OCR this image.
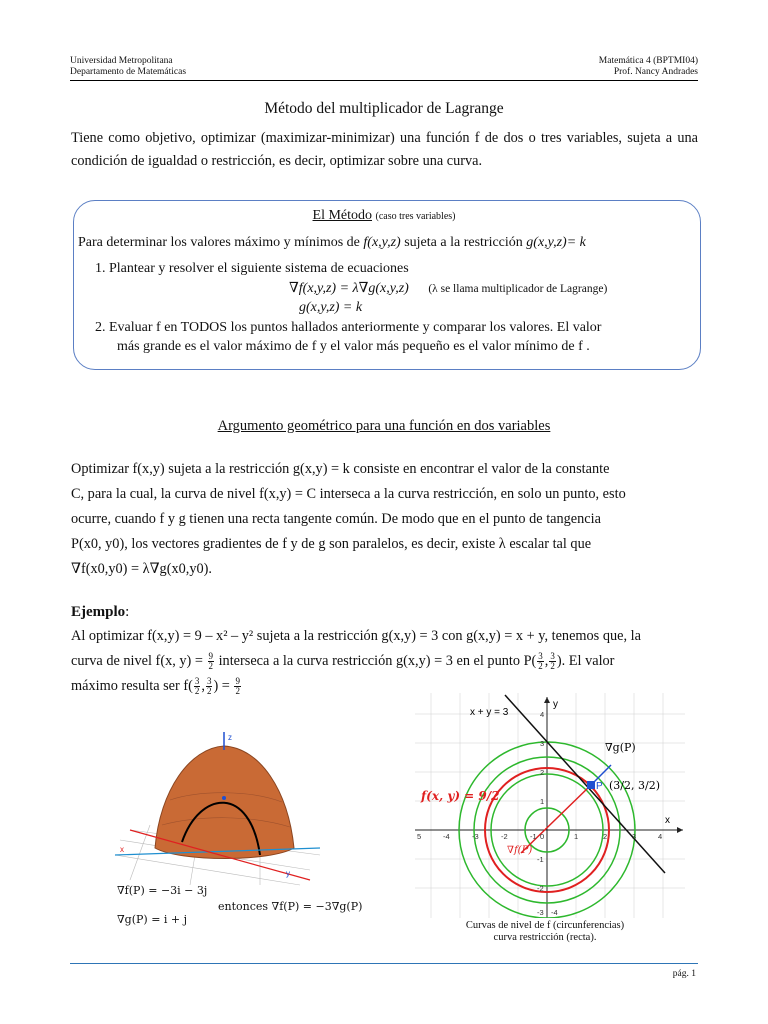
Universidad Metropolitana
Departamento de Matemáticas
Matemática 4 (BPTMI04)
Prof. Nancy Andrades
Método del multiplicador de Lagrange
Tiene como objetivo, optimizar (maximizar-minimizar) una función f de dos o tres variables, sujeta a una condición de igualdad o restricción, es decir, optimizar sobre una curva.
El Método (caso tres variables)
Para determinar los valores máximo y mínimos de f(x,y,z) sujeta a la restricción g(x,y,z)= k
1. Plantear y resolver el siguiente sistema de ecuaciones
∇f(x,y,z) = λ∇g(x,y,z) (λ se llama multiplicador de Lagrange)
g(x,y,z) = k
2. Evaluar f en TODOS los puntos hallados anteriormente y comparar los valores. El valor
más grande es el valor máximo de f y el valor más pequeño es el valor mínimo de f .
Argumento geométrico para una función en dos variables
Optimizar f(x,y) sujeta a la restricción g(x,y) = k consiste en encontrar el valor de la constante
C, para la cual, la curva de nivel f(x,y) = C interseca a la curva restricción, en solo un punto, esto
ocurre, cuando f y g tienen una recta tangente común. De modo que en el punto de tangencia
P(x0, y0), los vectores gradientes de f y de g son paralelos, es decir, existe λ escalar tal que
∇f(x0,y0) = λ∇g(x0,y0).
Ejemplo:
Al optimizar f(x,y) = 9 – x² – y² sujeta a la restricción g(x,y) = 3 con g(x,y) = x + y, tenemos que, la
curva de nivel f(x, $y) = \frac{9}{2}$ interseca a la curva restricción g(x,y) = 3 en el punto $P( \frac{3}{2}$ , $\frac{3}{2}$ ). El valor
máximo resulta ser $f( \frac{3}{2}$ , $\frac{3}{2}$ ) = $\frac{9}{2}$
z
y
x
∇f(P) = −3i − 3j
entonces ∇f(P) = −3∇g(P)
∇g(P) = i + j
x + y = 3
∇g(P)
f(x, y) = 9/2
∇f(P)
P (3/2, 3/2)
x
y
5	-4	-3	-2	-1 0	1	2	3	4
4
3
2
1
-1
-2
-3 -4
Curvas de nivel de f (circunferencias)
curva restricción (recta).
pág. 1
